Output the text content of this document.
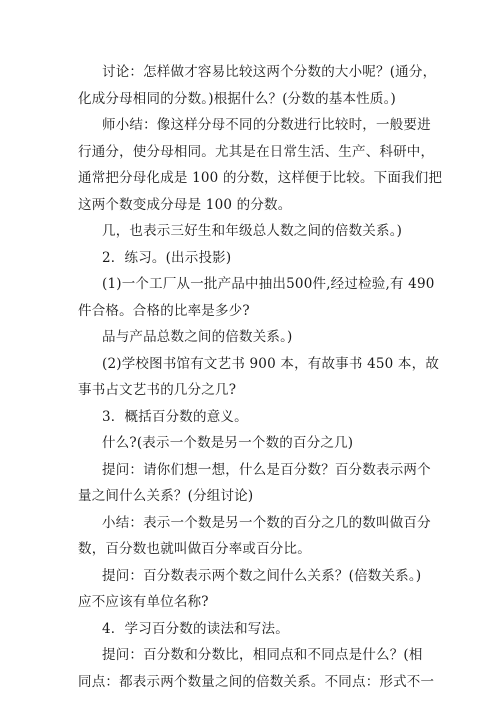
讨论：怎样做才容易比较这两个分数的大小呢？(通分，
化成分母相同的分数。)根据什么？(分数的基本性质。)
师小结：像这样分母不同的分数进行比较时，一般要进
行通分，使分母相同。尤其是在日常生活、生产、科研中，
通常把分母化成是 100 的分数，这样便于比较。下面我们把
这两个数变成分母是 100 的分数。
几，也表示三好生和年级总人数之间的倍数关系。)
2．练习。(出示投影)
(1)一个工厂从一批产品中抽出500件,经过检验,有 490
件合格。合格的比率是多少?
品与产品总数之间的倍数关系。)
(2)学校图书馆有文艺书 900 本，有故事书 450 本，故
事书占文艺书的几分之几?
3．概括百分数的意义。
什么?(表示一个数是另一个数的百分之几)
提问：请你们想一想，什么是百分数？百分数表示两个
量之间什么关系？(分组讨论)
小结：表示一个数是另一个数的百分之几的数叫做百分
数，百分数也就叫做百分率或百分比。
提问：百分数表示两个数之间什么关系？(倍数关系。)
应不应该有单位名称?
4．学习百分数的读法和写法。
提问：百分数和分数比，相同点和不同点是什么？(相
同点：都表示两个数量之间的倍数关系。不同点：形式不一
